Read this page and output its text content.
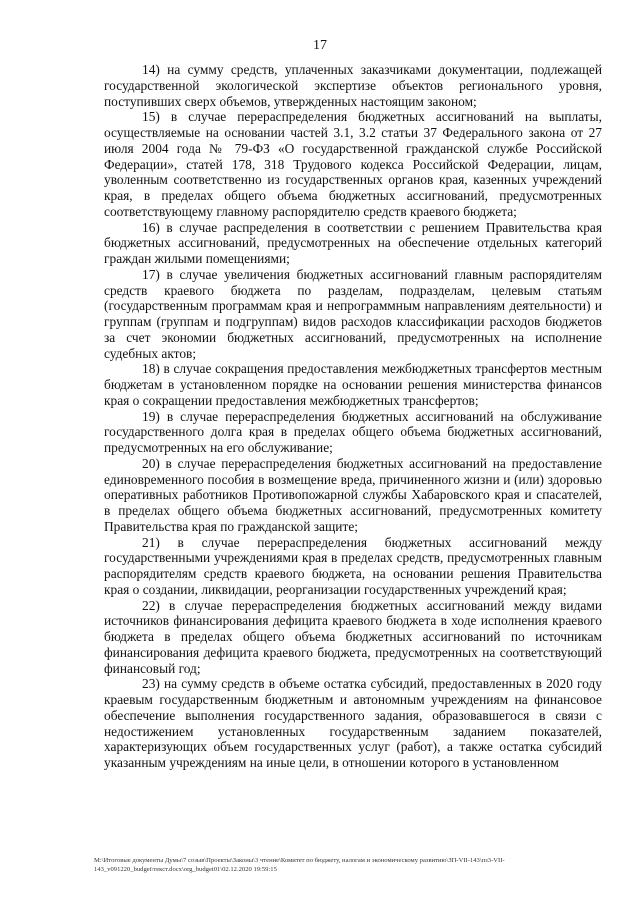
17

14) на сумму средств, уплаченных заказчиками документации, подлежащей государственной экологической экспертизе объектов регионального уровня, поступивших сверх объемов, утвержденных настоящим законом;

15) в случае перераспределения бюджетных ассигнований на выплаты, осуществляемые на основании частей 3.1, 3.2 статьи 37 Федерального закона от 27 июля 2004 года № 79-ФЗ «О государственной гражданской службе Российской Федерации», статей 178, 318 Трудового кодекса Российской Федерации, лицам, уволенным соответственно из государственных органов края, казенных учреждений края, в пределах общего объема бюджетных ассигнований, предусмотренных соответствующему главному распорядителю средств краевого бюджета;

16) в случае распределения в соответствии с решением Правительства края бюджетных ассигнований, предусмотренных на обеспечение отдельных категорий граждан жилыми помещениями;

17) в случае увеличения бюджетных ассигнований главным распорядителям средств краевого бюджета по разделам, подразделам, целевым статьям (государственным программам края и непрограммным направлениям деятельности) и группам (группам и подгруппам) видов расходов классификации расходов бюджетов за счет экономии бюджетных ассигнований, предусмотренных на исполнение судебных актов;

18) в случае сокращения предоставления межбюджетных трансфертов местным бюджетам в установленном порядке на основании решения министерства финансов края о сокращении предоставления межбюджетных трансфертов;

19) в случае перераспределения бюджетных ассигнований на обслуживание государственного долга края в пределах общего объема бюджетных ассигнований, предусмотренных на его обслуживание;

20) в случае перераспределения бюджетных ассигнований на предоставление единовременного пособия в возмещение вреда, причиненного жизни и (или) здоровью оперативных работников Противопожарной службы Хабаровского края и спасателей, в пределах общего объема бюджетных ассигнований, предусмотренных комитету Правительства края по гражданской защите;

21) в случае перераспределения бюджетных ассигнований между государственными учреждениями края в пределах средств, предусмотренных главным распорядителям средств краевого бюджета, на основании решения Правительства края о создании, ликвидации, реорганизации государственных учреждений края;

22) в случае перераспределения бюджетных ассигнований между видами источников финансирования дефицита краевого бюджета в ходе исполнения краевого бюджета в пределах общего объема бюджетных ассигнований по источникам финансирования дефицита краевого бюджета, предусмотренных на соответствующий финансовый год;

23) на сумму средств в объеме остатка субсидий, предоставленных в 2020 году краевым государственным бюджетным и автономным учреждениям на финансовое обеспечение выполнения государственного задания, образовавшегося в связи с недостижением установленных государственным заданием показателей, характеризующих объем государственных услуг (работ), а также остатка субсидий указанным учреждениям на иные цели, в отношении которого в установленном

M:\Итоговые документы Думы\7 созыв\Проекты\Законы\3 чтение\Комитет по бюджету, налогам и экономическому развитию\ЗП-VII-143\пз3-VII-
143_v091220_budget\текст.docx\org_budget01\02.12.2020 19:59:15
